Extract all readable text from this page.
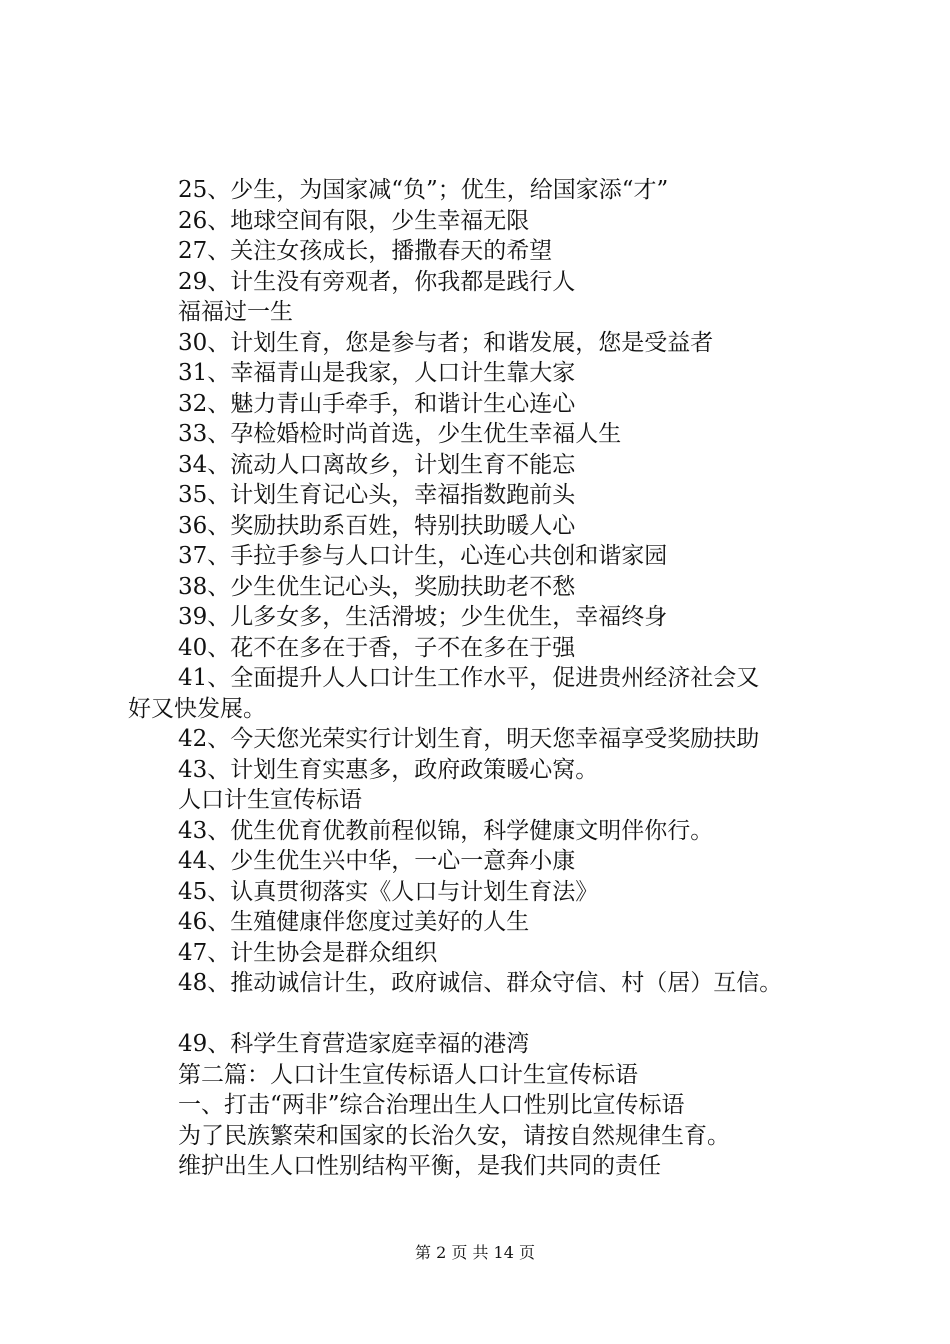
25、少生，为国家减“负”；优生，给国家添“才”
26、地球空间有限，少生幸福无限
27、关注女孩成长，播撒春天的希望
29、计生没有旁观者，你我都是践行人
福福过一生
30、计划生育，您是参与者；和谐发展，您是受益者
31、幸福青山是我家，人口计生靠大家
32、魅力青山手牵手，和谐计生心连心
33、孕检婚检时尚首选，少生优生幸福人生
34、流动人口离故乡，计划生育不能忘
35、计划生育记心头，幸福指数跑前头
36、奖励扶助系百姓，特别扶助暖人心
37、手拉手参与人口计生，心连心共创和谐家园
38、少生优生记心头，奖励扶助老不愁
39、儿多女多，生活滑坡；少生优生，幸福终身
40、花不在多在于香，子不在多在于强
41、全面提升人人口计生工作水平，促进贵州经济社会又
好又快发展。
42、今天您光荣实行计划生育，明天您幸福享受奖励扶助
43、计划生育实惠多，政府政策暖心窝。
人口计生宣传标语
43、优生优育优教前程似锦，科学健康文明伴你行。
44、少生优生兴中华，一心一意奔小康
45、认真贯彻落实《人口与计划生育法》
46、生殖健康伴您度过美好的人生
47、计生协会是群众组织
48、推动诚信计生，政府诚信、群众守信、村（居）互信。
49、科学生育营造家庭幸福的港湾
第二篇：人口计生宣传标语人口计生宣传标语
一、打击“两非”综合治理出生人口性别比宣传标语
为了民族繁荣和国家的长治久安，请按自然规律生育。
维护出生人口性别结构平衡，是我们共同的责任
第 2 页 共 14 页
